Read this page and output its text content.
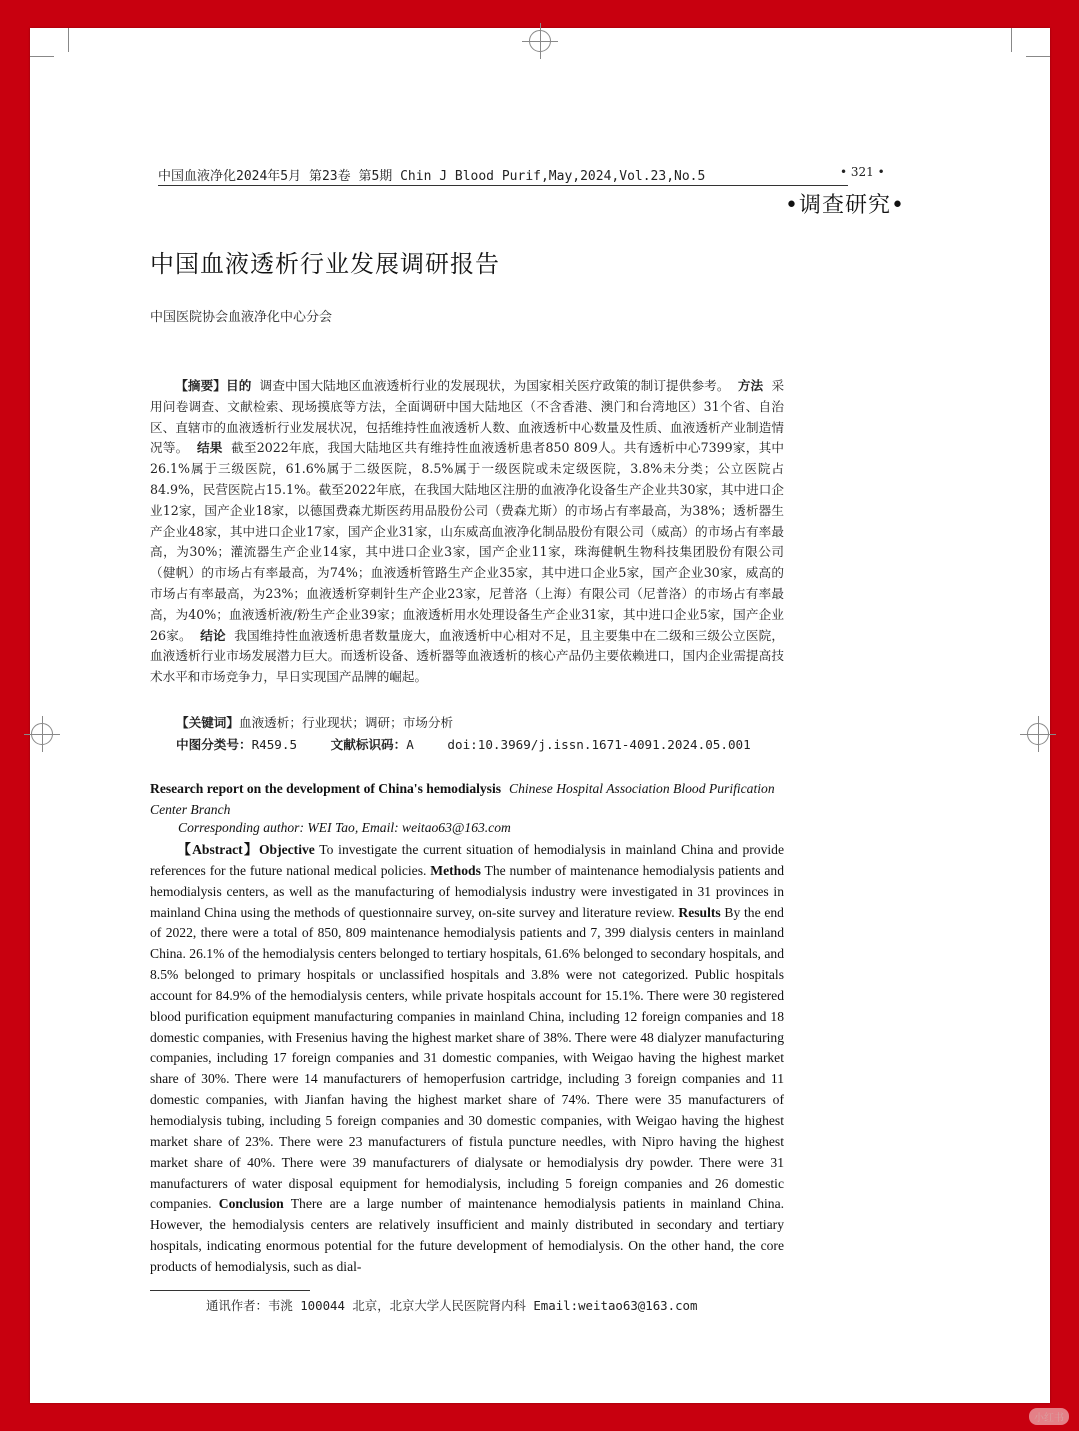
中国血液净化2024年5月 第23卷 第5期 Chin J Blood Purif,May,2024,Vol.23,No.5	• 321 •
•调查研究•
中国血液透析行业发展调研报告
中国医院协会血液净化中心分会
【摘要】目的 调查中国大陆地区血液透析行业的发展现状，为国家相关医疗政策的制订提供参考。 方法 采用问卷调查、文献检索、现场摸底等方法，全面调研中国大陆地区（不含香港、澳门和台湾地区）31个省、自治区、直辖市的血液透析行业发展状况，包括维持性血液透析人数、血液透析中心数量及性质、血液透析产业制造情况等。 结果 截至2022年底，我国大陆地区共有维持性血液透析患者850 809人。共有透析中心7399家，其中26.1%属于三级医院，61.6%属于二级医院，8.5%属于一级医院或未定级医院，3.8%未分类；公立医院占84.9%，民营医院占15.1%。截至2022年底，在我国大陆地区注册的血液净化设备生产企业共30家，其中进口企业12家，国产企业18家，以德国费森尤斯医药用品股份公司（费森尤斯）的市场占有率最高，为38%；透析器生产企业48家，其中进口企业17家，国产企业31家，山东威高血液净化制品股份有限公司（威高）的市场占有率最高，为30%；灌流器生产企业14家，其中进口企业3家，国产企业11家，珠海健帆生物科技集团股份有限公司（健帆）的市场占有率最高，为74%；血液透析管路生产企业35家，其中进口企业5家，国产企业30家，威高的市场占有率最高，为23%；血液透析穿刺针生产企业23家，尼普洛（上海）有限公司（尼普洛）的市场占有率最高，为40%；血液透析液/粉生产企业39家；血液透析用水处理设备生产企业31家，其中进口企业5家，国产企业26家。 结论 我国维持性血液透析患者数量庞大，血液透析中心相对不足，且主要集中在二级和三级公立医院，血液透析行业市场发展潜力巨大。而透析设备、透析器等血液透析的核心产品仍主要依赖进口，国内企业需提高技术水平和市场竞争力，早日实现国产品牌的崛起。
【关键词】血液透析；行业现状；调研；市场分析
中图分类号：R459.5	文献标识码：A	doi:10.3969/j.issn.1671-4091.2024.05.001
Research report on the development of China's hemodialysis Chinese Hospital Association Blood Purification Center Branch
Corresponding author: WEI Tao, Email: weitao63@163.com
【Abstract】Objective To investigate the current situation of hemodialysis in mainland China and provide references for the future national medical policies. Methods The number of maintenance hemodialysis patients and hemodialysis centers, as well as the manufacturing of hemodialysis industry were investigated in 31 provinces in mainland China using the methods of questionnaire survey, on-site survey and literature review. Results By the end of 2022, there were a total of 850, 809 maintenance hemodialysis patients and 7, 399 dialysis centers in mainland China. 26.1% of the hemodialysis centers belonged to tertiary hospitals, 61.6% belonged to secondary hospitals, and 8.5% belonged to primary hospitals or unclassified hospitals and 3.8% were not categorized. Public hospitals account for 84.9% of the hemodialysis centers, while private hospitals account for 15.1%. There were 30 registered blood purification equipment manufacturing companies in mainland China, including 12 foreign companies and 18 domestic companies, with Fresenius having the highest market share of 38%. There were 48 dialyzer manufacturing companies, including 17 foreign companies and 31 domestic companies, with Weigao having the highest market share of 30%. There were 14 manufacturers of hemoperfusion cartridge, including 3 foreign companies and 11 domestic companies, with Jianfan having the highest market share of 74%. There were 35 manufacturers of hemodialysis tubing, including 5 foreign companies and 30 domestic companies, with Weigao having the highest market share of 23%. There were 23 manufacturers of fistula puncture needles, with Nipro having the highest market share of 40%. There were 39 manufacturers of dialysate or hemodialysis dry powder. There were 31 manufacturers of water disposal equipment for hemodialysis, including 5 foreign companies and 26 domestic companies. Conclusion There are a large number of maintenance hemodialysis patients in mainland China. However, the hemodialysis centers are relatively insufficient and mainly distributed in secondary and tertiary hospitals, indicating enormous potential for the future development of hemodialysis. On the other hand, the core products of hemodialysis, such as dial-
通讯作者：韦洮 100044 北京，北京大学人民医院肾内科 Email:weitao63@163.com
小红书
